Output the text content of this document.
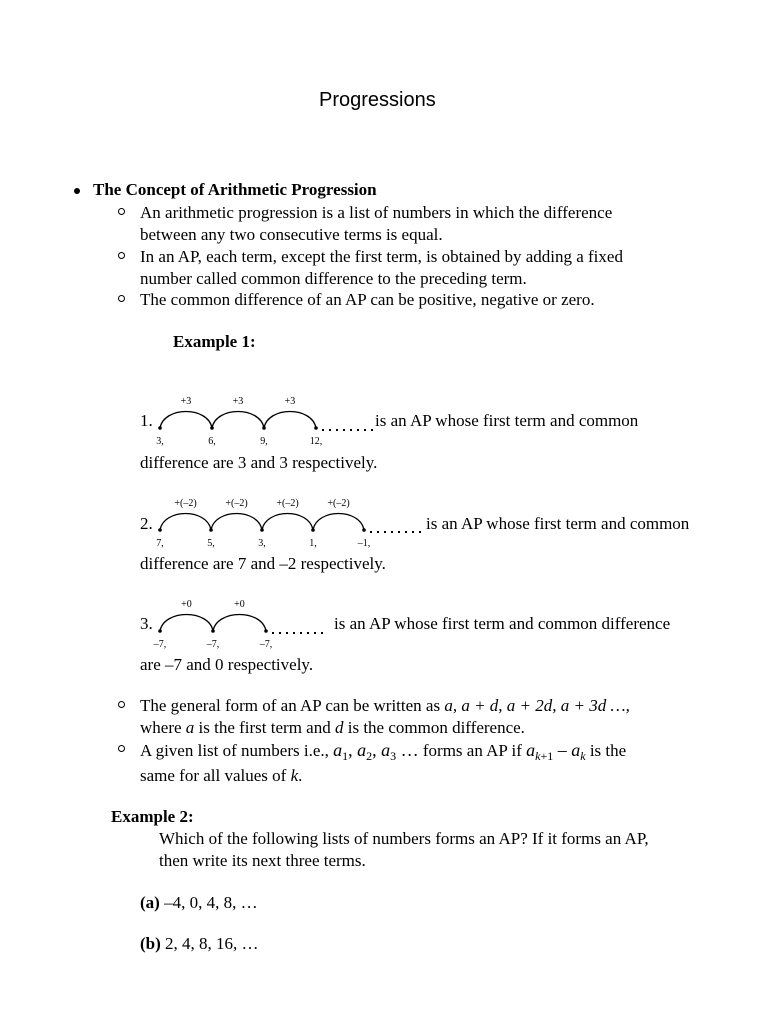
Progressions
The Concept of Arithmetic Progression
An arithmetic progression is a list of numbers in which the difference
between any two consecutive terms is equal.
In an AP, each term, except the first term, is obtained by adding a fixed
number called common difference to the preceding term.
The common difference of an AP can be positive, negative or zero.
Example 1:
1.
+3	+3	+3
3,	6,	9,	12,
is an AP whose first term and common
difference are 3 and 3 respectively.
2.
+(–2)	+(–2)	+(–2)	+(–2)
7,	5,	3,	1,	–1,
is an AP whose first term and common
difference are 7 and –2 respectively.
3.
+0	+0
–7,	–7,	–7,
is an AP whose first term and common difference
are –7 and 0 respectively.
The general form of an AP can be written as a, a + d, a + 2d, a + 3d …,
where a is the first term and d is the common difference.
A given list of numbers i.e., $a_1$, $a_2$, $a_3$ … forms an AP if $a_{k+1} - a_k$ is the
same for all values of k.
Example 2:
Which of the following lists of numbers forms an AP? If it forms an AP,
then write its next three terms.
(a) –4, 0, 4, 8, …
(b) 2, 4, 8, 16, …
